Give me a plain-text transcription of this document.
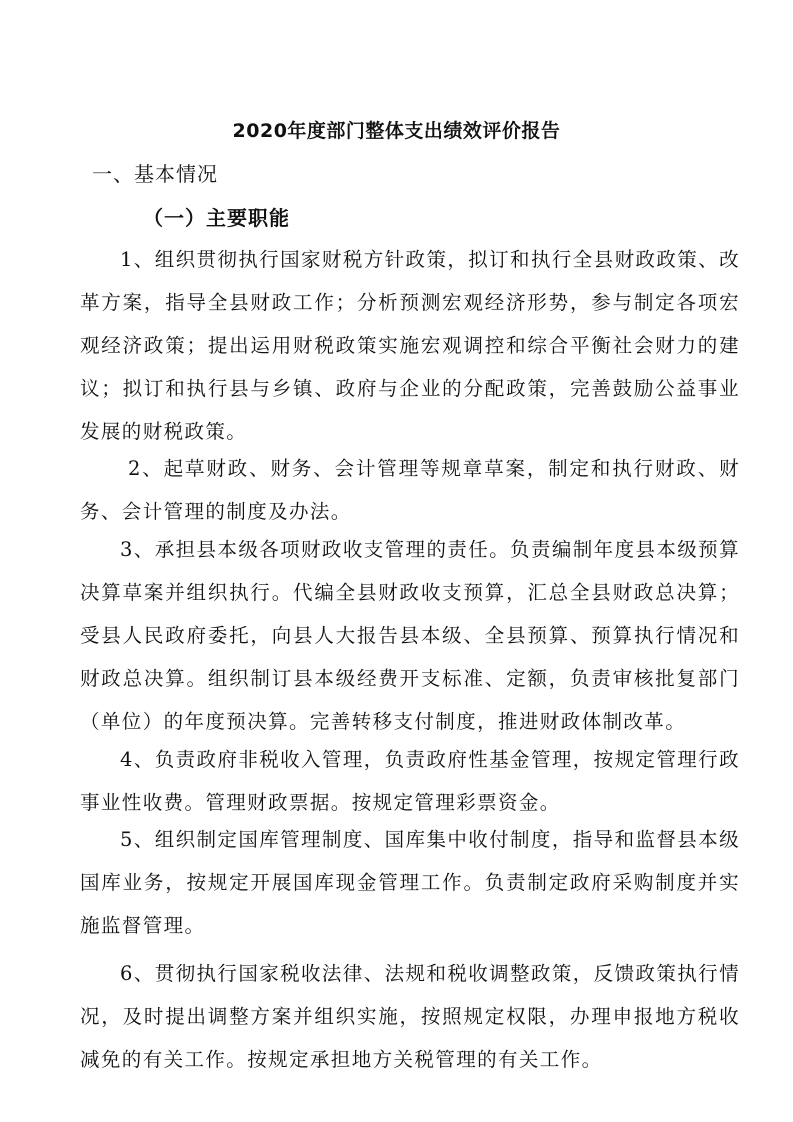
2020年度部门整体支出绩效评价报告
一、基本情况
（一）主要职能

1、组织贯彻执行国家财税方针政策，拟订和执行全县财政政策、改革方案，指导全县财政工作；分析预测宏观经济形势，参与制定各项宏观经济政策；提出运用财税政策实施宏观调控和综合平衡社会财力的建议；拟订和执行县与乡镇、政府与企业的分配政策，完善鼓励公益事业发展的财税政策。

2、起草财政、财务、会计管理等规章草案，制定和执行财政、财务、会计管理的制度及办法。

3、承担县本级各项财政收支管理的责任。负责编制年度县本级预算决算草案并组织执行。代编全县财政收支预算，汇总全县财政总决算；受县人民政府委托，向县人大报告县本级、全县预算、预算执行情况和财政总决算。组织制订县本级经费开支标准、定额，负责审核批复部门（单位）的年度预决算。完善转移支付制度，推进财政体制改革。

4、负责政府非税收入管理，负责政府性基金管理，按规定管理行政事业性收费。管理财政票据。按规定管理彩票资金。

5、组织制定国库管理制度、国库集中收付制度，指导和监督县本级国库业务，按规定开展国库现金管理工作。负责制定政府采购制度并实施监督管理。

6、贯彻执行国家税收法律、法规和税收调整政策，反馈政策执行情况，及时提出调整方案并组织实施，按照规定权限，办理申报地方税收减免的有关工作。按规定承担地方关税管理的有关工作。
